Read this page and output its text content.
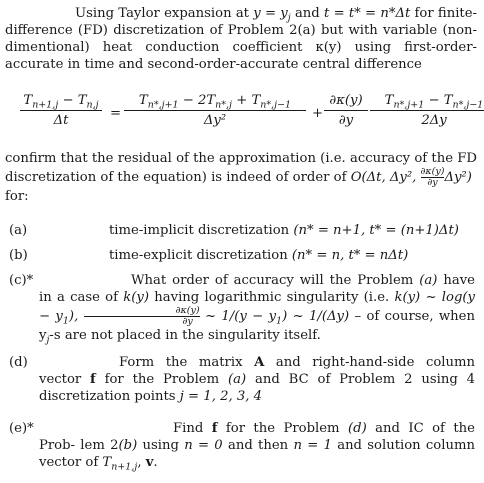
Using Taylor expansion at $y = y_j$ and t = t* = n*Δt for finite-difference (FD) discretization of Problem 2(a) but with variable (non-dimentional) heat conduction coefficient κ(y) using first-order-accurate in time and second-order-accurate central difference
$T_{n+1,j} - T_{n,j}$
Δt	=
$T_{n*,j+1} - 2T_{n*,j} + T_{n*,j-1}$
Δy²	+
∂κ(y)
∂y
$T_{n*,j+1} - T_{n*,j-1}$
2Δy
confirm that the residual of the approximation (i.e. accuracy of the FD discretization of the equation) is indeed of order of O(Δt, Δy², $\frac{\partial\kappa(y)}{\partial y} \Delta y^2$)
for:
(a)	time-implicit discretization (n* = n+1, t* = (n+1)Δt)
(b)	time-explicit discretization (n* = n, t* = nΔt)
(c)*	What order of accuracy will the Problem (a) have in a case of k(y) having logarithmic singularity (i.e. k(y) ~ $\log(y - y_1)$, $\frac{\partial\kappa(y)}{\partial y}$ ~ $1/(y - y_1)$ ~ 1/(Δy) – of course, when $y_j-s$ are not placed in the singularity itself.
(d)	Form the matrix A and right-hand-side column vector f for the Problem (a) and BC of Problem 2 using 4 discretization points j = 1, 2, 3, 4
(e)*	Find f for the Problem (d) and IC of the Prob- lem 2(b) using n = 0 and then n = 1 and solution column vector of $T_{n+1,j}$, v.
